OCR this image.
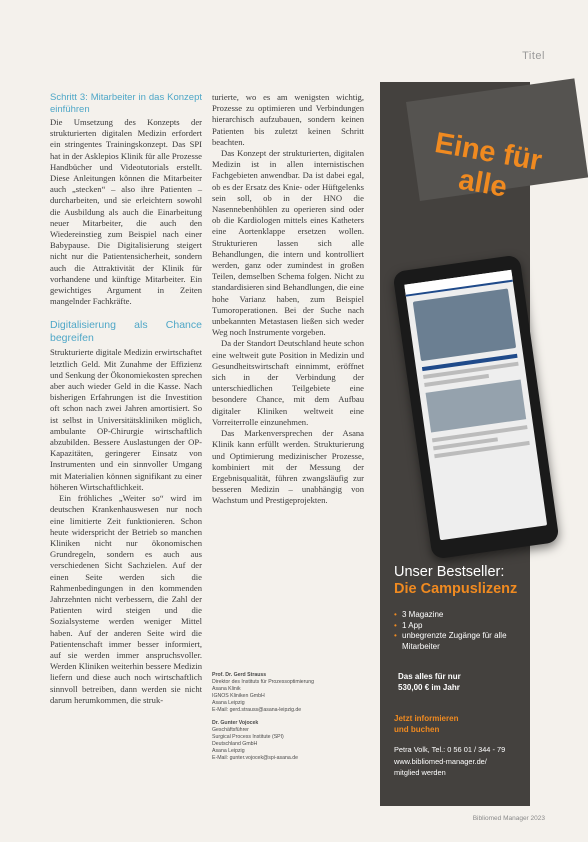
Titel
Schritt 3: Mitarbeiter in das Konzept einführen

Die Umsetzung des Konzepts der strukturierten digitalen Medizin erfordert ein stringentes Trainingskonzept. Das SPI hat in der Asklepios Klinik für alle Prozesse Handbücher und Videotutorials erstellt. Diese Anleitungen können die Mitarbeiter auch „stecken“ – also ihre Patienten – durcharbeiten, und sie erleichtern sowohl die Ausbildung als auch die Einarbeitung neuer Mitarbeiter, die auch den Wiedereinstieg zum Beispiel nach einer Babypause. Die Digitalisierung steigert nicht nur die Patientensicherheit, sondern auch die Attraktivität der Klinik für vorhandene und künftige Mitarbeiter. Ein gewichtiges Argument in Zeiten mangelnder Fachkräfte.

Digitalisierung als Chance begreifen

Strukturierte digitale Medizin erwirtschaftet letztlich Geld. Mit Zunahme der Effizienz und Senkung der Ökonomiekosten sprechen aber auch wieder Geld in die Kasse. Nach bisherigen Erfahrungen ist die Investition oft schon nach zwei Jahren amortisiert. So ist selbst in Universitätskliniken möglich, ambulante OP-Chirurgie wirtschaftlich abzubilden. Bessere Auslastungen der OP-Kapazitäten, geringerer Einsatz von Instrumenten und ein sinnvoller Umgang mit Materialien können signifikant zu einer höheren Wirtschaftlichkeit.

Ein fröhliches „Weiter so“ wird im deutschen Krankenhauswesen nur noch eine limitierte Zeit funktionieren. Schon heute widerspricht der Betrieb so manchen Kliniken nicht nur ökonomischen Grundregeln, sondern es auch aus verschiedenen Sicht Sachzielen. Auf der einen Seite werden sich die Rahmenbedingungen in den kommenden Jahrzehnten nicht verbessern, die Zahl der Patienten wird steigen und die Sozialsysteme werden weniger Mittel haben. Auf der anderen Seite wird die Patientenschaft immer besser informiert, auf sie werden immer anspruchsvoller. Werden Kliniken weiterhin bessere Medizin liefern und diese auch noch wirtschaftlich sinnvoll betreiben, dann werden sie nicht darum herumkommen, die struk-

turierte, wo es am wenigsten wichtig, Prozesse zu optimieren und Verbindungen hierarchisch aufzubauen, sondern keinen Patienten bis zuletzt keinen Schritt beachten.

Das Konzept der strukturierten, digitalen Medizin ist in allen internistischen Fachgebieten anwendbar. Da ist dabei egal, ob es der Ersatz des Knie- oder Hüftgelenks sein soll, ob in der HNO die Nasennebenhöhlen zu operieren sind oder ob die Kardiologen mittels eines Katheters eine Aortenklappe ersetzen wollen. Strukturieren lassen sich alle Behandlungen, die intern und kontrolliert werden, ganz oder zumindest in großen Teilen, demselben Schema folgen. Nicht zu standardisieren sind Behandlungen, die eine hohe Varianz haben, zum Beispiel Tumoroperationen. Bei der Suche nach unbekannten Metastasen ließen sich weder Weg noch Instrumente vorgeben.

Da der Standort Deutschland heute schon eine weltweit gute Position in Medizin und Gesundheitswirtschaft einnimmt, eröffnet sich in der Verbindung der unterschiedlichen Teilgebiete eine besondere Chance, mit dem Aufbau digitaler Kliniken weltweit eine Vorreiterrolle einzunehmen.

Das Markenversprechen der Asana Klinik kann erfüllt werden. Strukturierung und Optimierung medizinischer Prozesse, kombiniert mit der Messung der Ergebnisqualität, führen zwangsläufig zur besseren Medizin – unabhängig von Wachstum und Prestigeprojekten.

Prof. Dr. Gerd Strauss
Direktor des Instituts für Prozessoptimierung
Asana Klinik
IGNOS Kliniken GmbH
Asana Leipzig
E-Mail: gerd.strauss@asana-leipzig.de
Dr. Gunter Vojocek
Geschäftsführer
Surgical Process Institute (SPI)
Deutschland GmbH
Asana Leipzig
E-Mail: gunter.vojocek@spi-asana.de
Eine für alle
Unser Bestseller:
Die Campuslizenz
• 3 Magazine
• 1 App
• unbegrenzte Zugänge für alle Mitarbeiter
Das alles für nur
530,00 € im Jahr
Jetzt informieren
und buchen
Petra Volk, Tel.: 0 56 01 / 344 - 79
www.bibliomed-manager.de/
mitglied werden
Bibliomed Manager 2023
